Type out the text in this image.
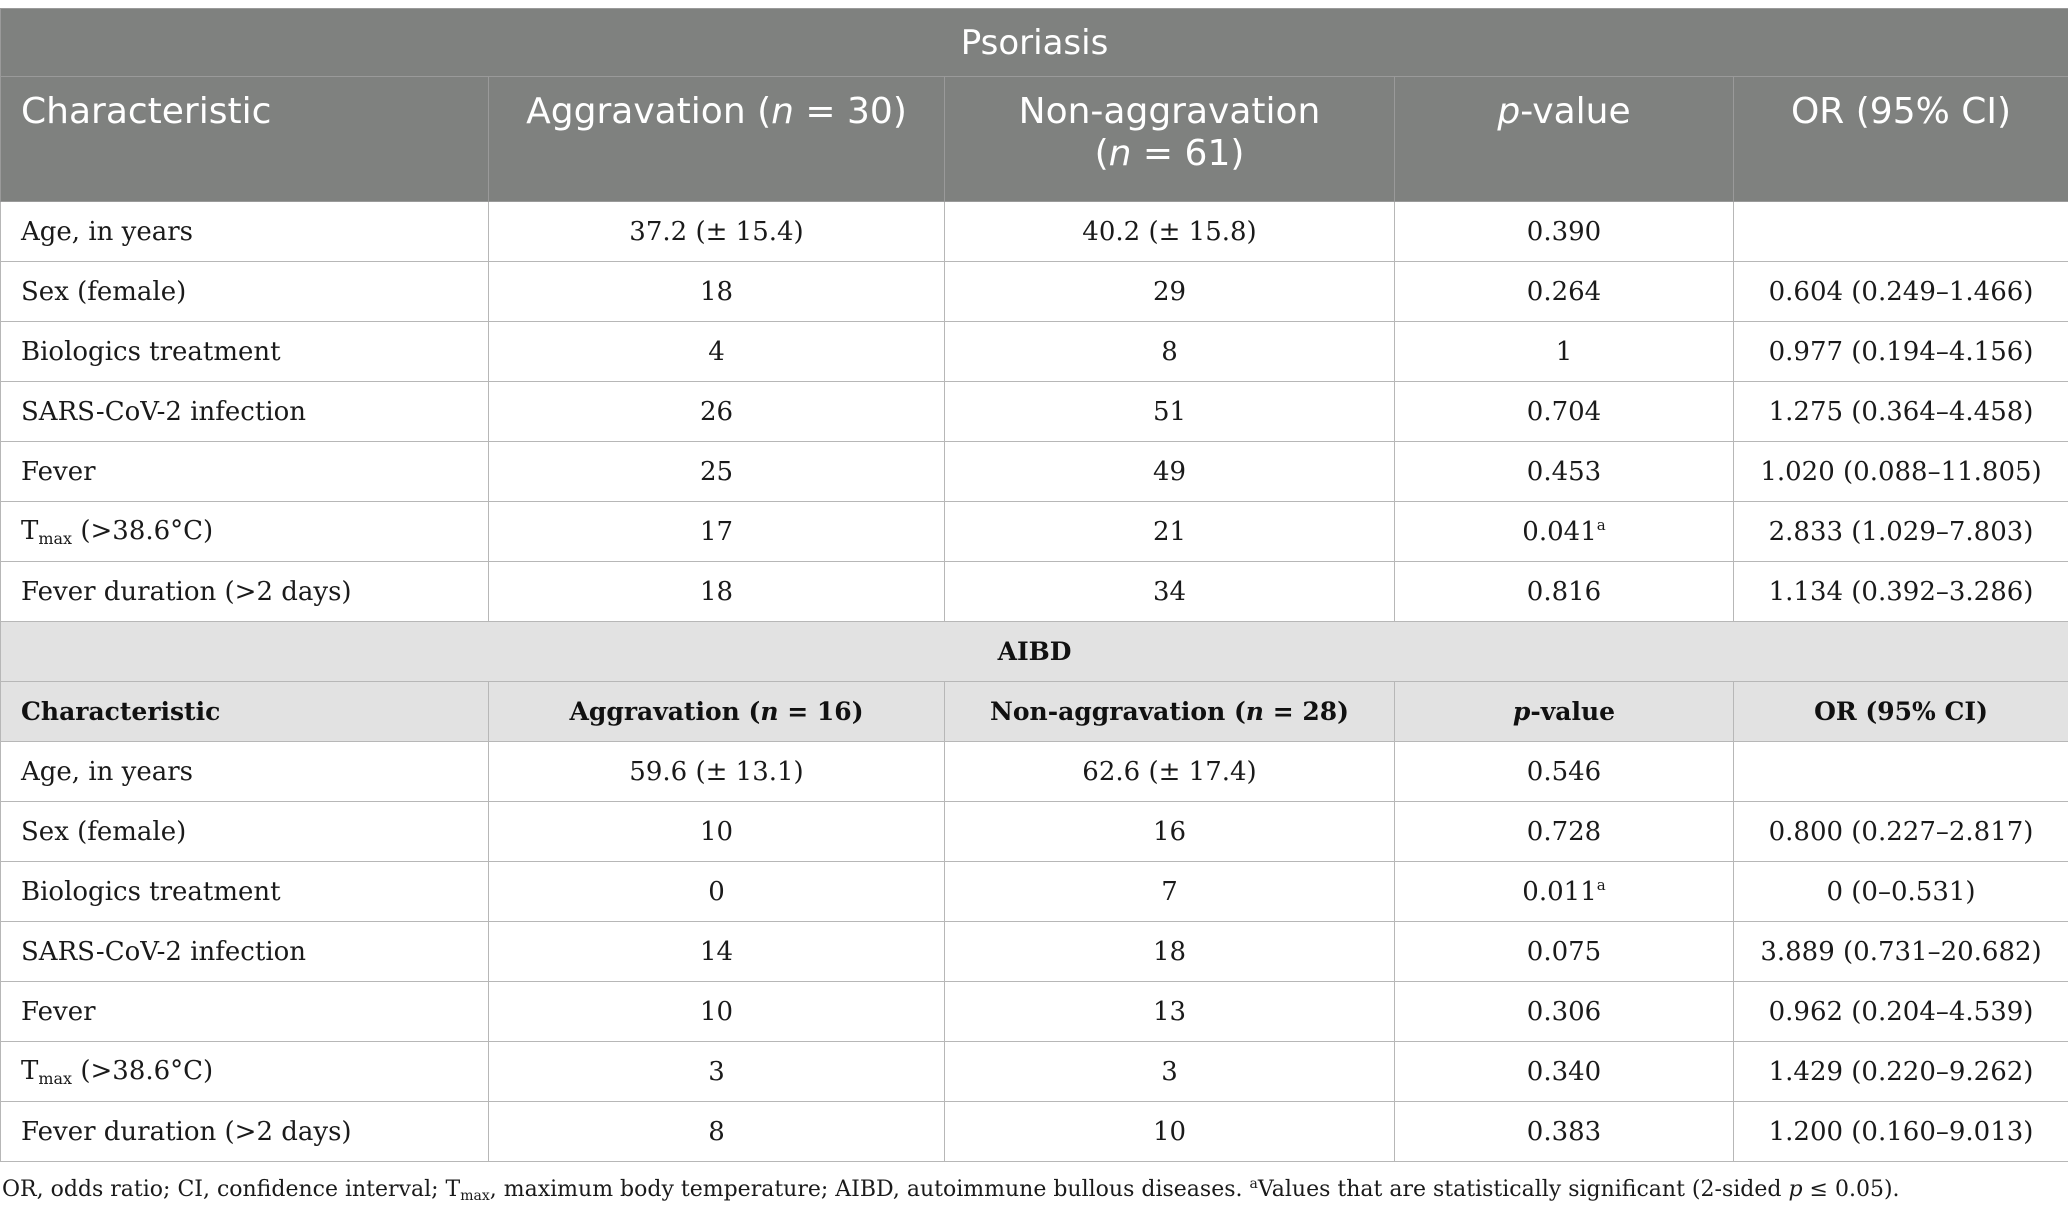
Psoriasis				
Characteristic	Aggravation (n = 30)	Non-aggravation
(n = 61)	p-value	OR (95% CI)
Age, in years	37.2 (± 15.4)	40.2 (± 15.8)	0.390	
Sex (female)	18	29	0.264	0.604 (0.249–1.466)
Biologics treatment	4	8	1	0.977 (0.194–4.156)
SARS-CoV-2 infection	26	51	0.704	1.275 (0.364–4.458)
Fever	25	49	0.453	1.020 (0.088–11.805)
$T_{max}$ (>38.6°C)	17	21	0.041$^a$	2.833 (1.029–7.803)
Fever duration (>2 days)	18	34	0.816	1.134 (0.392–3.286)
AIBD				
Characteristic	Aggravation (n = 16)	Non-aggravation (n = 28)	p-value	OR (95% CI)
Age, in years	59.6 (± 13.1)	62.6 (± 17.4)	0.546	
Sex (female)	10	16	0.728	0.800 (0.227–2.817)
Biologics treatment	0	7	0.011$^a$	0 (0–0.531)
SARS-CoV-2 infection	14	18	0.075	3.889 (0.731–20.682)
Fever	10	13	0.306	0.962 (0.204–4.539)
$T_{max}$ (>38.6°C)	3	3	0.340	1.429 (0.220–9.262)
Fever duration (>2 days)	8	10	0.383	1.200 (0.160–9.013)
OR, odds ratio; CI, confidence interval; Tmax, maximum body temperature; AIBD, autoimmune bullous diseases. $^a$Values that are statistically significant (2-sided p ≤ 0.05).
